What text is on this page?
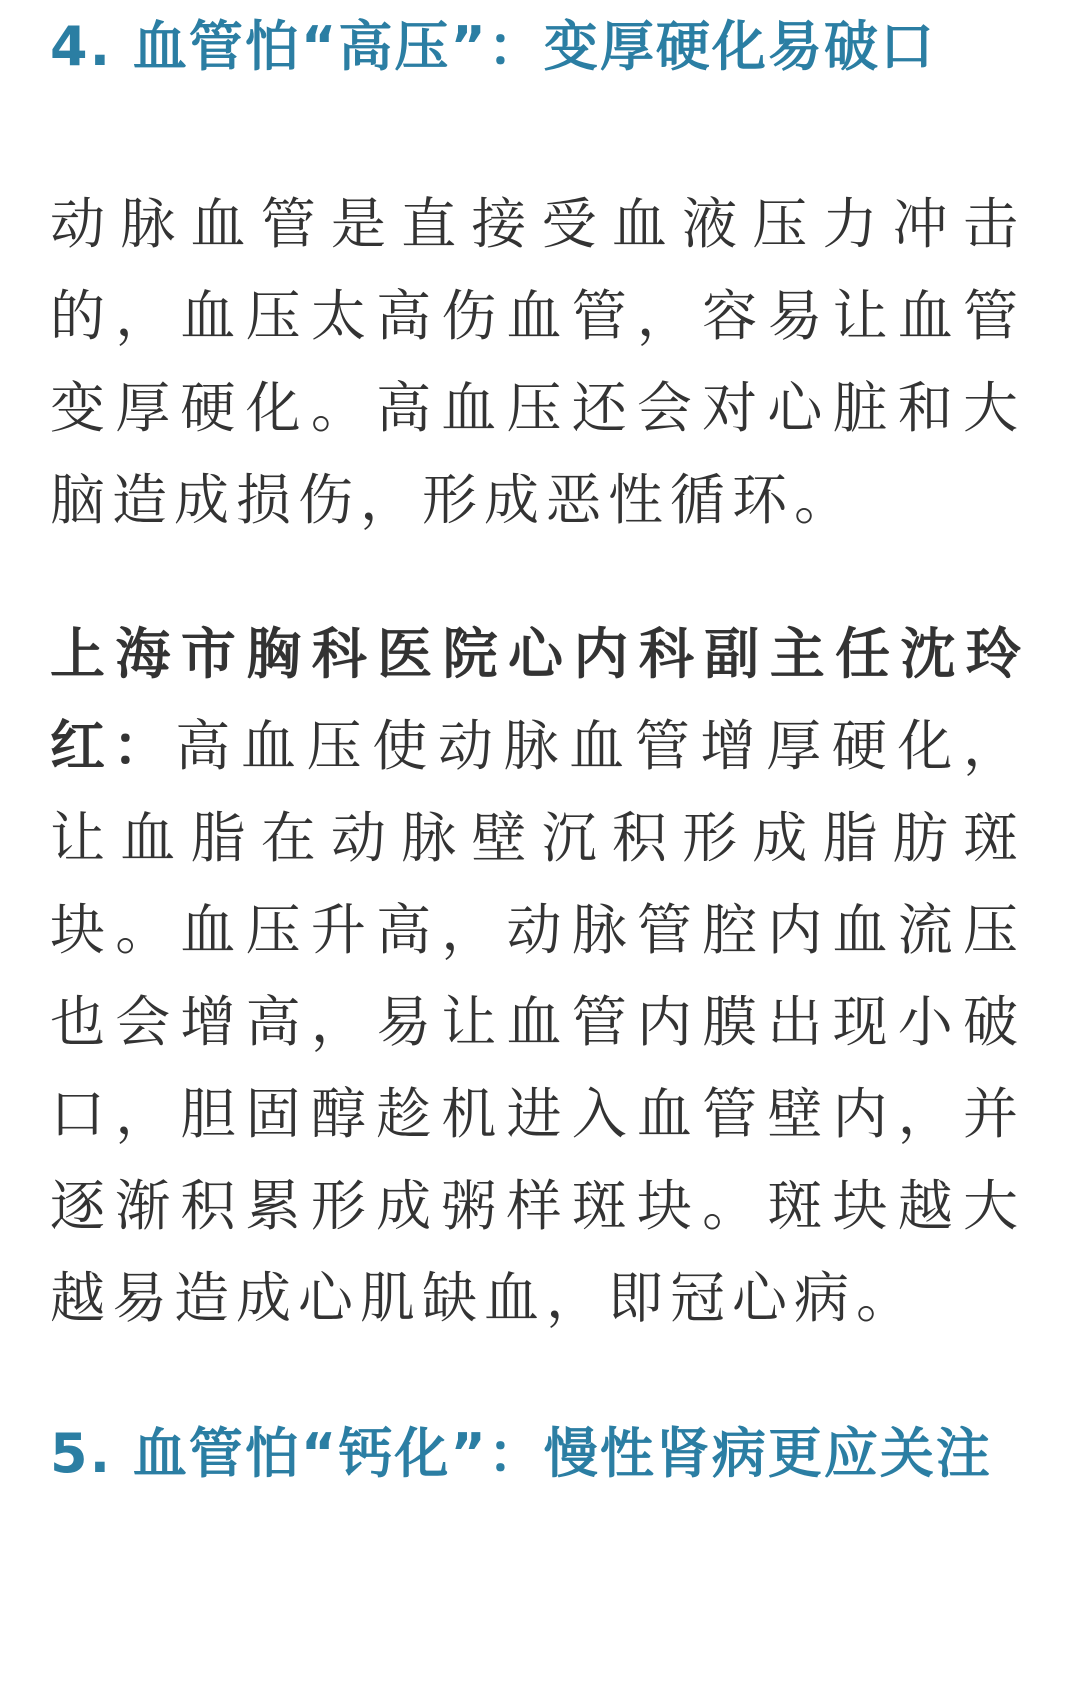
4. 血管怕“高压”：变厚硬化易破口

动脉血管是直接受血液压力冲击的，血压太高伤血管，容易让血管变厚硬化。高血压还会对心脏和大脑造成损伤，形成恶性循环。

上海市胸科医院心内科副主任沈玲红：高血压使动脉血管增厚硬化，让血脂在动脉壁沉积形成脂肪斑块。血压升高，动脉管腔内血流压也会增高，易让血管内膜出现小破口，胆固醇趁机进入血管壁内，并逐渐积累形成粥样斑块。斑块越大越易造成心肌缺血，即冠心病。

5. 血管怕“钙化”：慢性肾病更应关注
